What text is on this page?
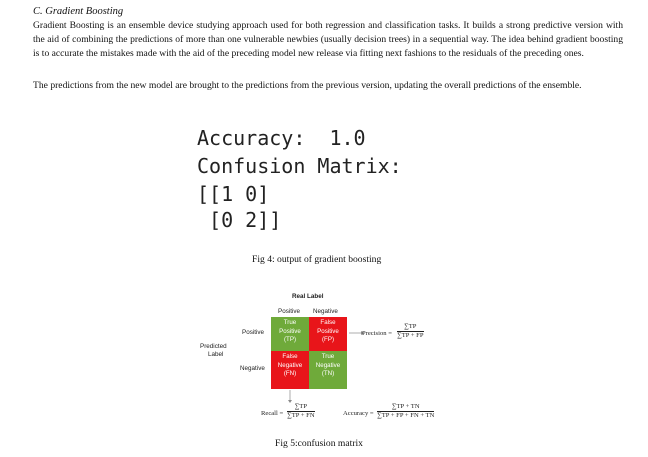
C. Gradient Boosting
Gradient Boosting is an ensemble device studying approach used for both regression and classification tasks. It builds a strong predictive version with the aid of combining the predictions of more than one vulnerable newbies (usually decision trees) in a sequential way. The idea behind gradient boosting is to accurate the mistakes made with the aid of the preceding model new release via fitting next fashions to the residuals of the preceding ones.
The predictions from the new model are brought to the predictions from the previous version, updating the overall predictions of the ensemble.
Accuracy:  1.0
Confusion Matrix:
[[1 0]
[0 2]]
Fig 4: output of gradient boosting
Real Label
Positive Negative
Positive
Negative
Predicted
Label
True
Positive
(TP)
False
Positive
(FP)
False
Negative
(FN)
True
Negative
(TN)
Precision = $\frac{\sum TP}{\sum TP + FP}$
Recall = $\frac{\sum TP}{\sum TP + FN}$	Accuracy = $\frac{\sum TP + TN}{\sum TP + FP + FN + TN}$
Fig 5:confusion matrix
